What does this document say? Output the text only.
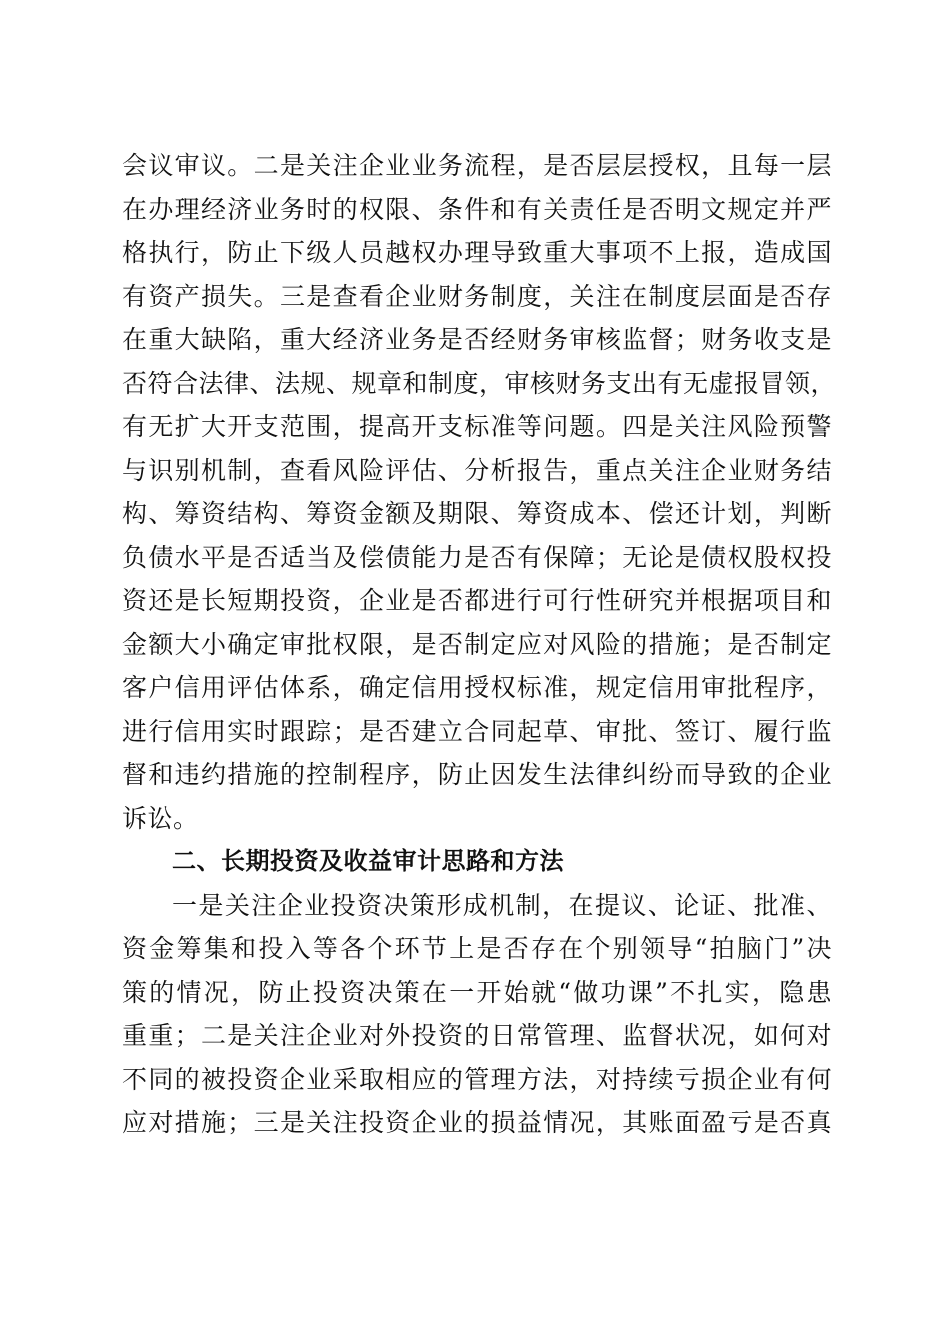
会议审议。二是关注企业业务流程，是否层层授权，且每一层
在办理经济业务时的权限、条件和有关责任是否明文规定并严
格执行，防止下级人员越权办理导致重大事项不上报，造成国
有资产损失。三是查看企业财务制度，关注在制度层面是否存
在重大缺陷，重大经济业务是否经财务审核监督；财务收支是
否符合法律、法规、规章和制度，审核财务支出有无虚报冒领，
有无扩大开支范围，提高开支标准等问题。四是关注风险预警
与识别机制，查看风险评估、分析报告，重点关注企业财务结
构、筹资结构、筹资金额及期限、筹资成本、偿还计划，判断
负债水平是否适当及偿债能力是否有保障；无论是债权股权投
资还是长短期投资，企业是否都进行可行性研究并根据项目和
金额大小确定审批权限，是否制定应对风险的措施；是否制定
客户信用评估体系，确定信用授权标准，规定信用审批程序，
进行信用实时跟踪；是否建立合同起草、审批、签订、履行监
督和违约措施的控制程序，防止因发生法律纠纷而导致的企业
诉讼。
二、长期投资及收益审计思路和方法
一是关注企业投资决策形成机制，在提议、论证、批准、
资金筹集和投入等各个环节上是否存在个别领导“拍脑门”决
策的情况，防止投资决策在一开始就“做功课”不扎实，隐患
重重；二是关注企业对外投资的日常管理、监督状况，如何对
不同的被投资企业采取相应的管理方法，对持续亏损企业有何
应对措施；三是关注投资企业的损益情况，其账面盈亏是否真
